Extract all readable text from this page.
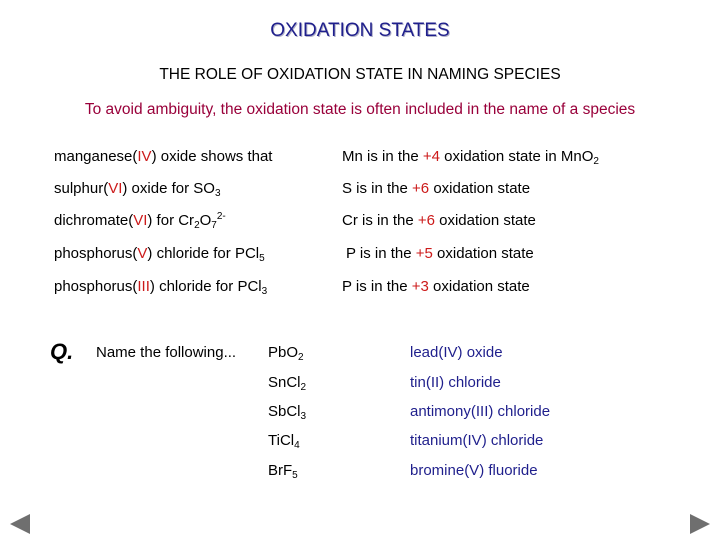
OXIDATION STATES
THE ROLE OF OXIDATION STATE IN NAMING SPECIES
To avoid ambiguity, the oxidation state is often included in the name of a species
manganese(IV) oxide shows that	Mn is in the +4 oxidation state in MnO$_2$
sulphur(VI) oxide for $SO_3$	S is in the +6 oxidation state
dichromate(VI) for $Cr_2O_7^{2-}$	Cr is in the +6 oxidation state
phosphorus(V) chloride for PCl$_5$	P is in the +5 oxidation state
phosphorus(III) chloride for PCl$_3$	P is in the +3 oxidation state
Q. Name the following... PbO$_2$	lead(IV) oxide
SnCl$_2$	tin(II) chloride
SbCl$_3$	antimony(III) chloride
TiCl$_4$	titanium(IV) chloride
BrF$_5$	bromine(V) fluoride
